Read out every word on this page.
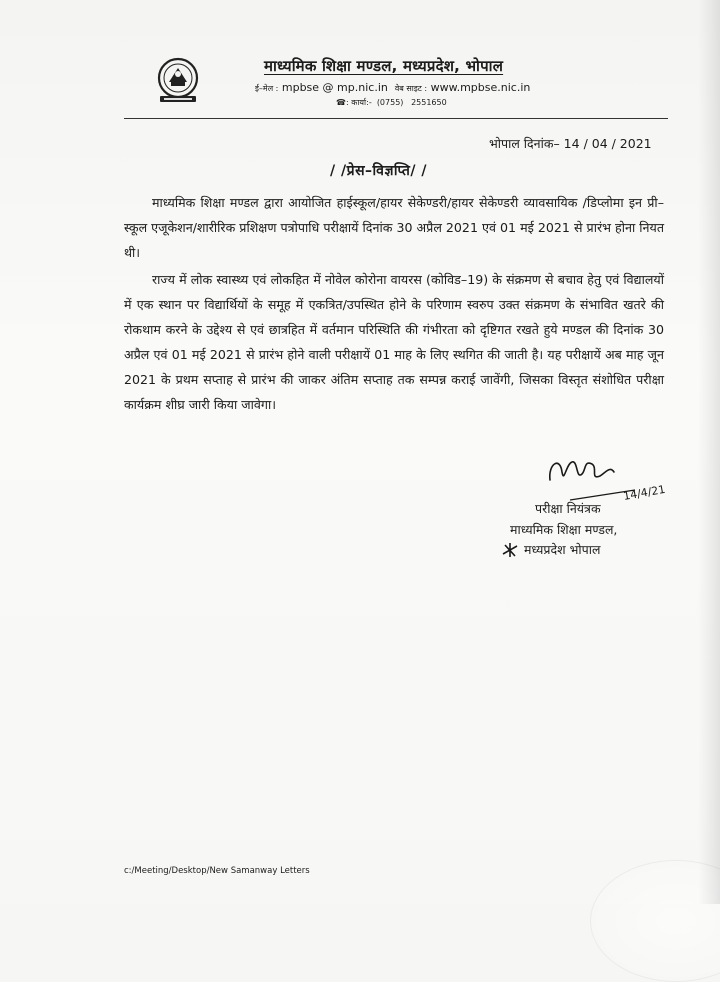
माध्यमिक शिक्षा मण्डल, मध्यप्रदेश, भोपाल
ई–मेल : mpbse @ mp.nic.in वेब साइट : www.mpbse.nic.in
☎: कार्या:- (0755) 2551650
भोपाल दिनांक– 14 / 04 / 2021
/ /प्रेस–विज्ञप्ति/ /
माध्यमिक शिक्षा मण्डल द्वारा आयोजित हाईस्कूल/हायर सेकेण्डरी/हायर सेकेण्डरी व्यावसायिक /डिप्लोमा इन प्री–स्कूल एजूकेशन/शारीरिक प्रशिक्षण पत्रोपाधि परीक्षायें दिनांक 30 अप्रैल 2021 एवं 01 मई 2021 से प्रारंभ होना नियत थी।
राज्य में लोक स्वास्थ्य एवं लोकहित में नोवेल कोरोना वायरस (कोविड–19) के संक्रमण से बचाव हेतु एवं विद्यालयों में एक स्थान पर विद्यार्थियों के समूह में एकत्रित/उपस्थित होने के परिणाम स्वरुप उक्त संक्रमण के संभावित खतरे की रोकथाम करने के उद्देश्य से एवं छात्रहित में वर्तमान परिस्थिति की गंभीरता को दृष्टिगत रखते हुये मण्डल की दिनांक 30 अप्रैल एवं 01 मई 2021 से प्रारंभ होने वाली परीक्षायें 01 माह के लिए स्थगित की जाती है। यह परीक्षायें अब माह जून 2021 के प्रथम सप्ताह से प्रारंभ की जाकर अंतिम सप्ताह तक सम्पन्न कराई जावेंगी, जिसका विस्तृत संशोधित परीक्षा कार्यक्रम शीघ्र जारी किया जावेगा।
14/4/21
परीक्षा नियंत्रक
माध्यमिक शिक्षा मण्डल,
मध्यप्रदेश भोपाल
c:/Meeting/Desktop/New Samanway Letters
